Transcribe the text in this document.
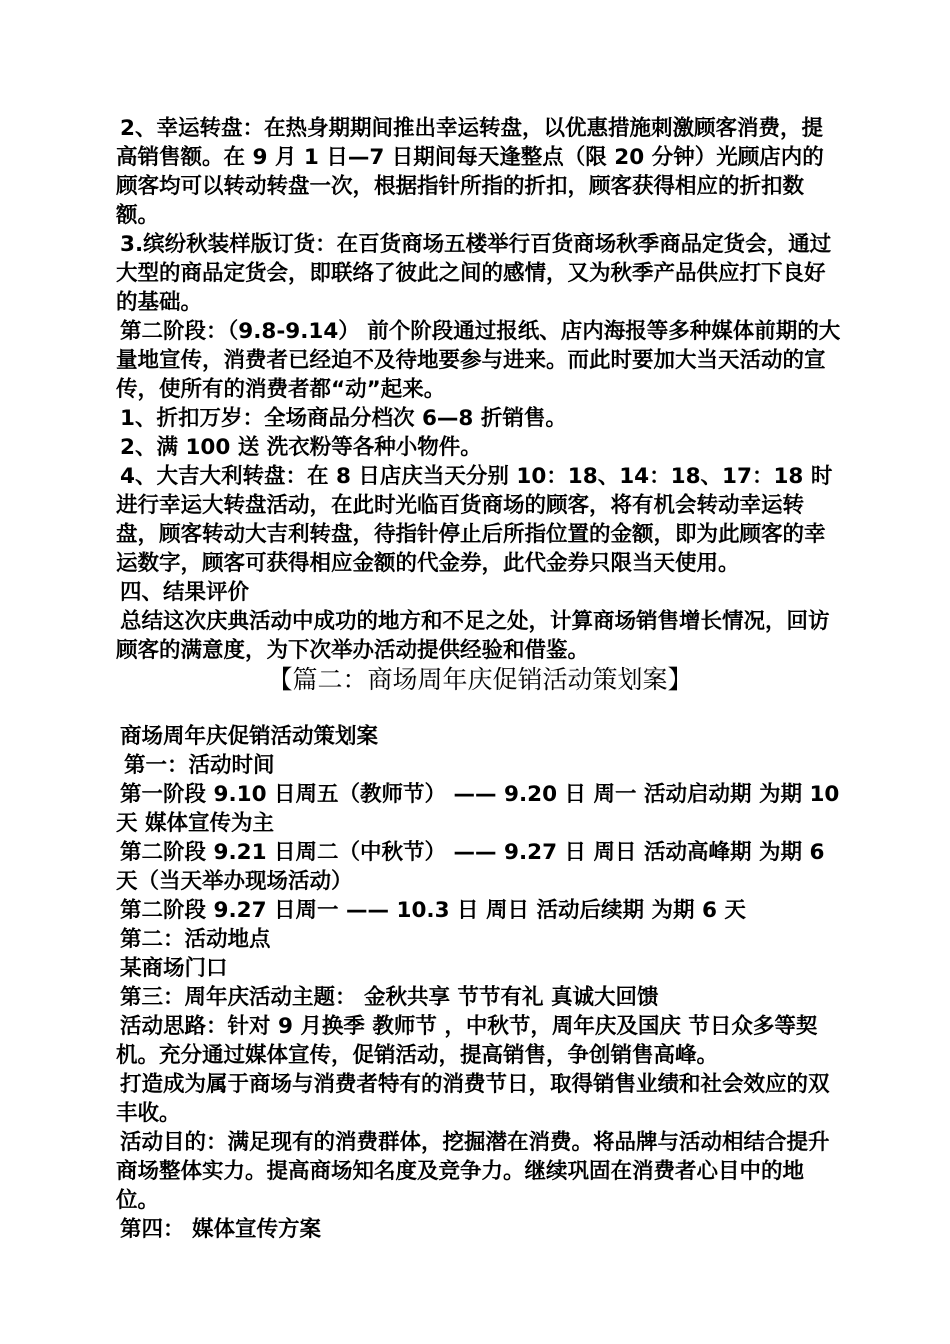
2、幸运转盘：在热身期期间推出幸运转盘，以优惠措施刺激顾客消费，提高销售额。在 9 月 1 日—7 日期间每天逢整点（限 20 分钟）光顾店内的顾客均可以转动转盘一次，根据指针所指的折扣，顾客获得相应的折扣数额。

3.缤纷秋装样版订货：在百货商场五楼举行百货商场秋季商品定货会，通过大型的商品定货会，即联络了彼此之间的感情，又为秋季产品供应打下良好的基础。

第二阶段：（9.8-9.14） 前个阶段通过报纸、店内海报等多种媒体前期的大量地宣传，消费者已经迫不及待地要参与进来。而此时要加大当天活动的宣传，使所有的消费者都“动”起来。

1、折扣万岁：全场商品分档次 6—8 折销售。

2、满 100 送 洗衣粉等各种小物件。

4、大吉大利转盘：在 8 日店庆当天分别 10：18、14：18、17：18 时进行幸运大转盘活动，在此时光临百货商场的顾客，将有机会转动幸运转盘，顾客转动大吉利转盘，待指针停止后所指位置的金额，即为此顾客的幸运数字，顾客可获得相应金额的代金券，此代金券只限当天使用。

四、结果评价

总结这次庆典活动中成功的地方和不足之处，计算商场销售增长情况，回访顾客的满意度，为下次举办活动提供经验和借鉴。

【篇二：商场周年庆促销活动策划案】

商场周年庆促销活动策划案

第一：活动时间

第一阶段 9.10 日周五（教师节） —— 9.20 日 周一 活动启动期 为期 10 天 媒体宣传为主

第二阶段 9.21 日周二（中秋节） —— 9.27 日 周日 活动高峰期 为期 6 天（当天举办现场活动）

第二阶段 9.27 日周一 —— 10.3 日 周日 活动后续期 为期 6 天

第二：活动地点

某商场门口

第三：周年庆活动主题： 金秋共享 节节有礼 真诚大回馈

活动思路：针对 9 月换季 教师节 ，中秋节，周年庆及国庆 节日众多等契机。充分通过媒体宣传，促销活动，提高销售，争创销售高峰。

打造成为属于商场与消费者特有的消费节日，取得销售业绩和社会效应的双丰收。

活动目的：满足现有的消费群体，挖掘潜在消费。将品牌与活动相结合提升商场整体实力。提高商场知名度及竞争力。继续巩固在消费者心目中的地位。

第四： 媒体宣传方案
